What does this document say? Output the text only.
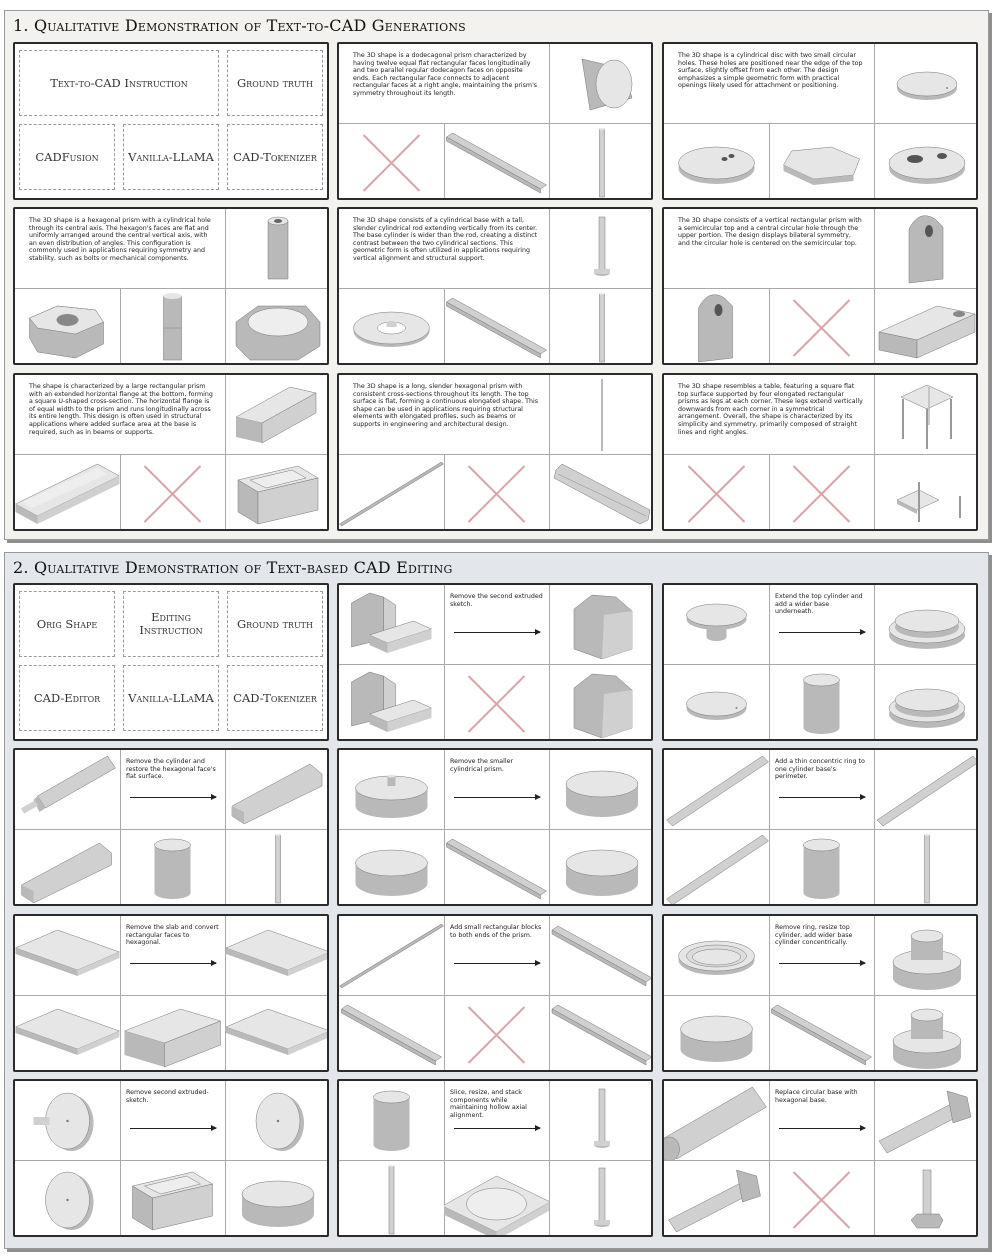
1. Qualitative Demonstration of Text-to-CAD Generations
Text-to-CAD Instruction	Ground truth
CADFusion	Vanilla-LLaMA	CAD-Tokenizer
The 3D shape is a dodecagonal prism characterized by having twelve equal flat rectangular faces longitudinally and two parallel regular dodecagon faces on opposite ends. Each rectangular face connects to adjacent rectangular faces at a right angle, maintaining the prism's symmetry throughout its length.
The 3D shape is a cylindrical disc with two small circular holes. These holes are positioned near the edge of the top surface, slightly offset from each other. The design emphasizes a simple geometric form with practical openings likely used for attachment or positioning.
The 3D shape is a hexagonal prism with a cylindrical hole through its central axis. The hexagon's faces are flat and uniformly arranged around the central vertical axis, with an even distribution of angles. This configuration is commonly used in applications requiring symmetry and stability, such as bolts or mechanical components.
The 3D shape consists of a cylindrical base with a tall, slender cylindrical rod extending vertically from its center. The base cylinder is wider than the rod, creating a distinct contrast between the two cylindrical sections. This geometric form is often utilized in applications requiring vertical alignment and structural support.
The 3D shape consists of a vertical rectangular prism with a semicircular top and a central circular hole through the upper portion. The design displays bilateral symmetry, and the circular hole is centered on the semicircular top.
The shape is characterized by a large rectangular prism with an extended horizontal flange at the bottom, forming a square U-shaped cross-section. The horizontal flange is of equal width to the prism and runs longitudinally across its entire length. This design is often used in structural applications where added surface area at the base is required, such as in beams or supports.
The 3D shape is a long, slender hexagonal prism with consistent cross-sections throughout its length. The top surface is flat, forming a continuous elongated shape. This shape can be used in applications requiring structural elements with elongated profiles, such as beams or supports in engineering and architectural design.
The 3D shape resembles a table, featuring a square flat top surface supported by four elongated rectangular prisms as legs at each corner. These legs extend vertically downwards from each corner in a symmetrical arrangement. Overall, the shape is characterized by its simplicity and symmetry, primarily composed of straight lines and right angles.
2. Qualitative Demonstration of Text-based CAD Editing
Orig Shape	Editing Instruction	Ground truth
CAD-Editor	Vanilla-LLaMA	CAD-Tokenizer
Remove the second extruded sketch.
Extend the top cylinder and add a wider base underneath.
Remove the cylinder and restore the hexagonal face's flat surface.
Remove the smaller cylindrical prism.
Add a thin concentric ring to one cylinder base's perimeter.
Remove the slab and convert rectangular faces to hexagonal.
Add small rectangular blocks to both ends of the prism.
Remove ring, resize top cylinder, add wider base cylinder concentrically.
Remove second extruded-sketch.
Slice, resize, and stack components while maintaining hollow axial alignment.
Replace circular base with hexagonal base.
